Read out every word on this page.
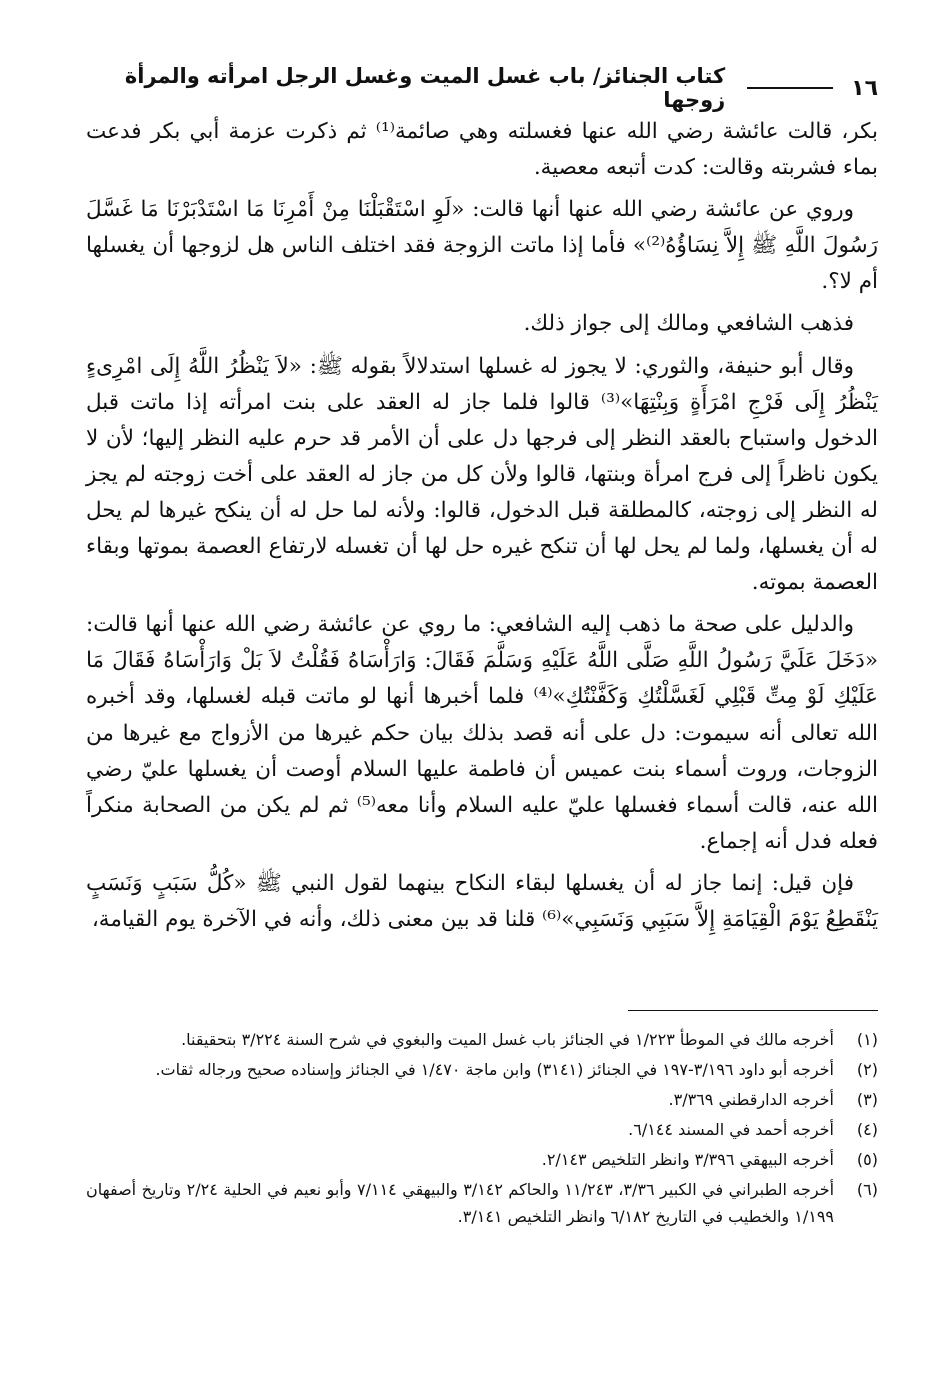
١٦
كتاب الجنائز/ باب غسل الميت وغسل الرجل امرأته والمرأة زوجها

بكر، قالت عائشة رضي الله عنها فغسلته وهي صائمة⁽¹⁾ ثم ذكرت عزمة أبي بكر فدعت بماء فشربته وقالت: كدت أتبعه معصية.

وروي عن عائشة رضي الله عنها أنها قالت: «لَوِ اسْتَقْبَلْنَا مِنْ أَمْرِنَا مَا اسْتَدْبَرْنَا مَا غَسَّلَ رَسُولَ اللَّهِ ﷺ إِلاَّ نِسَاؤُهُ⁽²⁾» فأما إذا ماتت الزوجة فقد اختلف الناس هل لزوجها أن يغسلها أم لا؟.

فذهب الشافعي ومالك إلى جواز ذلك.

وقال أبو حنيفة، والثوري: لا يجوز له غسلها استدلالاً بقوله ﷺ: «لاَ يَنْظُرُ اللَّهُ إِلَى امْرِىءٍ يَنْظُرُ إِلَى فَرْجِ امْرَأَةٍ وَبِنْتِهَا»⁽³⁾ قالوا فلما جاز له العقد على بنت امرأته إذا ماتت قبل الدخول واستباح بالعقد النظر إلى فرجها دل على أن الأمر قد حرم عليه النظر إليها؛ لأن لا يكون ناظراً إلى فرج امرأة وبنتها، قالوا ولأن كل من جاز له العقد على أخت زوجته لم يجز له النظر إلى زوجته، كالمطلقة قبل الدخول، قالوا: ولأنه لما حل له أن ينكح غيرها لم يحل له أن يغسلها، ولما لم يحل لها أن تنكح غيره حل لها أن تغسله لارتفاع العصمة بموتها وبقاء العصمة بموته.

والدليل على صحة ما ذهب إليه الشافعي: ما روي عن عائشة رضي الله عنها أنها قالت: «دَخَلَ عَلَيَّ رَسُولُ اللَّهِ صَلَّى اللَّهُ عَلَيْهِ وَسَلَّمَ فَقَالَ: وَارَأْسَاهُ فَقُلْتُ لاَ بَلْ وَارَأْسَاهُ فَقَالَ مَا عَلَيْكِ لَوْ مِتِّ قَبْلِي لَغَسَّلْتُكِ وَكَفَّنْتُكِ»⁽⁴⁾ فلما أخبرها أنها لو ماتت قبله لغسلها، وقد أخبره الله تعالى أنه سيموت: دل على أنه قصد بذلك بيان حكم غيرها من الأزواج مع غيرها من الزوجات، وروت أسماء بنت عميس أن فاطمة عليها السلام أوصت أن يغسلها عليّ رضي الله عنه، قالت أسماء فغسلها عليّ عليه السلام وأنا معه⁽⁵⁾ ثم لم يكن من الصحابة منكراً فعله فدل أنه إجماع.

فإن قيل: إنما جاز له أن يغسلها لبقاء النكاح بينهما لقول النبي ﷺ «كُلُّ سَبَبٍ وَنَسَبٍ يَنْقَطِعُ يَوْمَ الْقِيَامَةِ إِلاَّ سَبَبِي وَنَسَبِي»⁽⁶⁾ قلنا قد بين معنى ذلك، وأنه في الآخرة يوم القيامة،

(١)
أخرجه مالك في الموطأ ١/٢٢٣ في الجنائز باب غسل الميت والبغوي في شرح السنة ٣/٢٢٤ بتحقيقنا.
(٢)
أخرجه أبو داود ٣/١٩٦-١٩٧ في الجنائز (٣١٤١) وابن ماجة ١/٤٧٠ في الجنائز وإسناده صحيح ورجاله ثقات.
(٣)
أخرجه الدارقطني ٣/٣٦٩.
(٤)
أخرجه أحمد في المسند ٦/١٤٤.
(٥)
أخرجه البيهقي ٣/٣٩٦ وانظر التلخيص ٢/١٤٣.
(٦)
أخرجه الطبراني في الكبير ٣/٣٦، ١١/٢٤٣ والحاكم ٣/١٤٢ والبيهقي ٧/١١٤ وأبو نعيم في الحلية ٢/٢٤ وتاريخ أصفهان ١/١٩٩ والخطيب في التاريخ ٦/١٨٢ وانظر التلخيص ٣/١٤١.
